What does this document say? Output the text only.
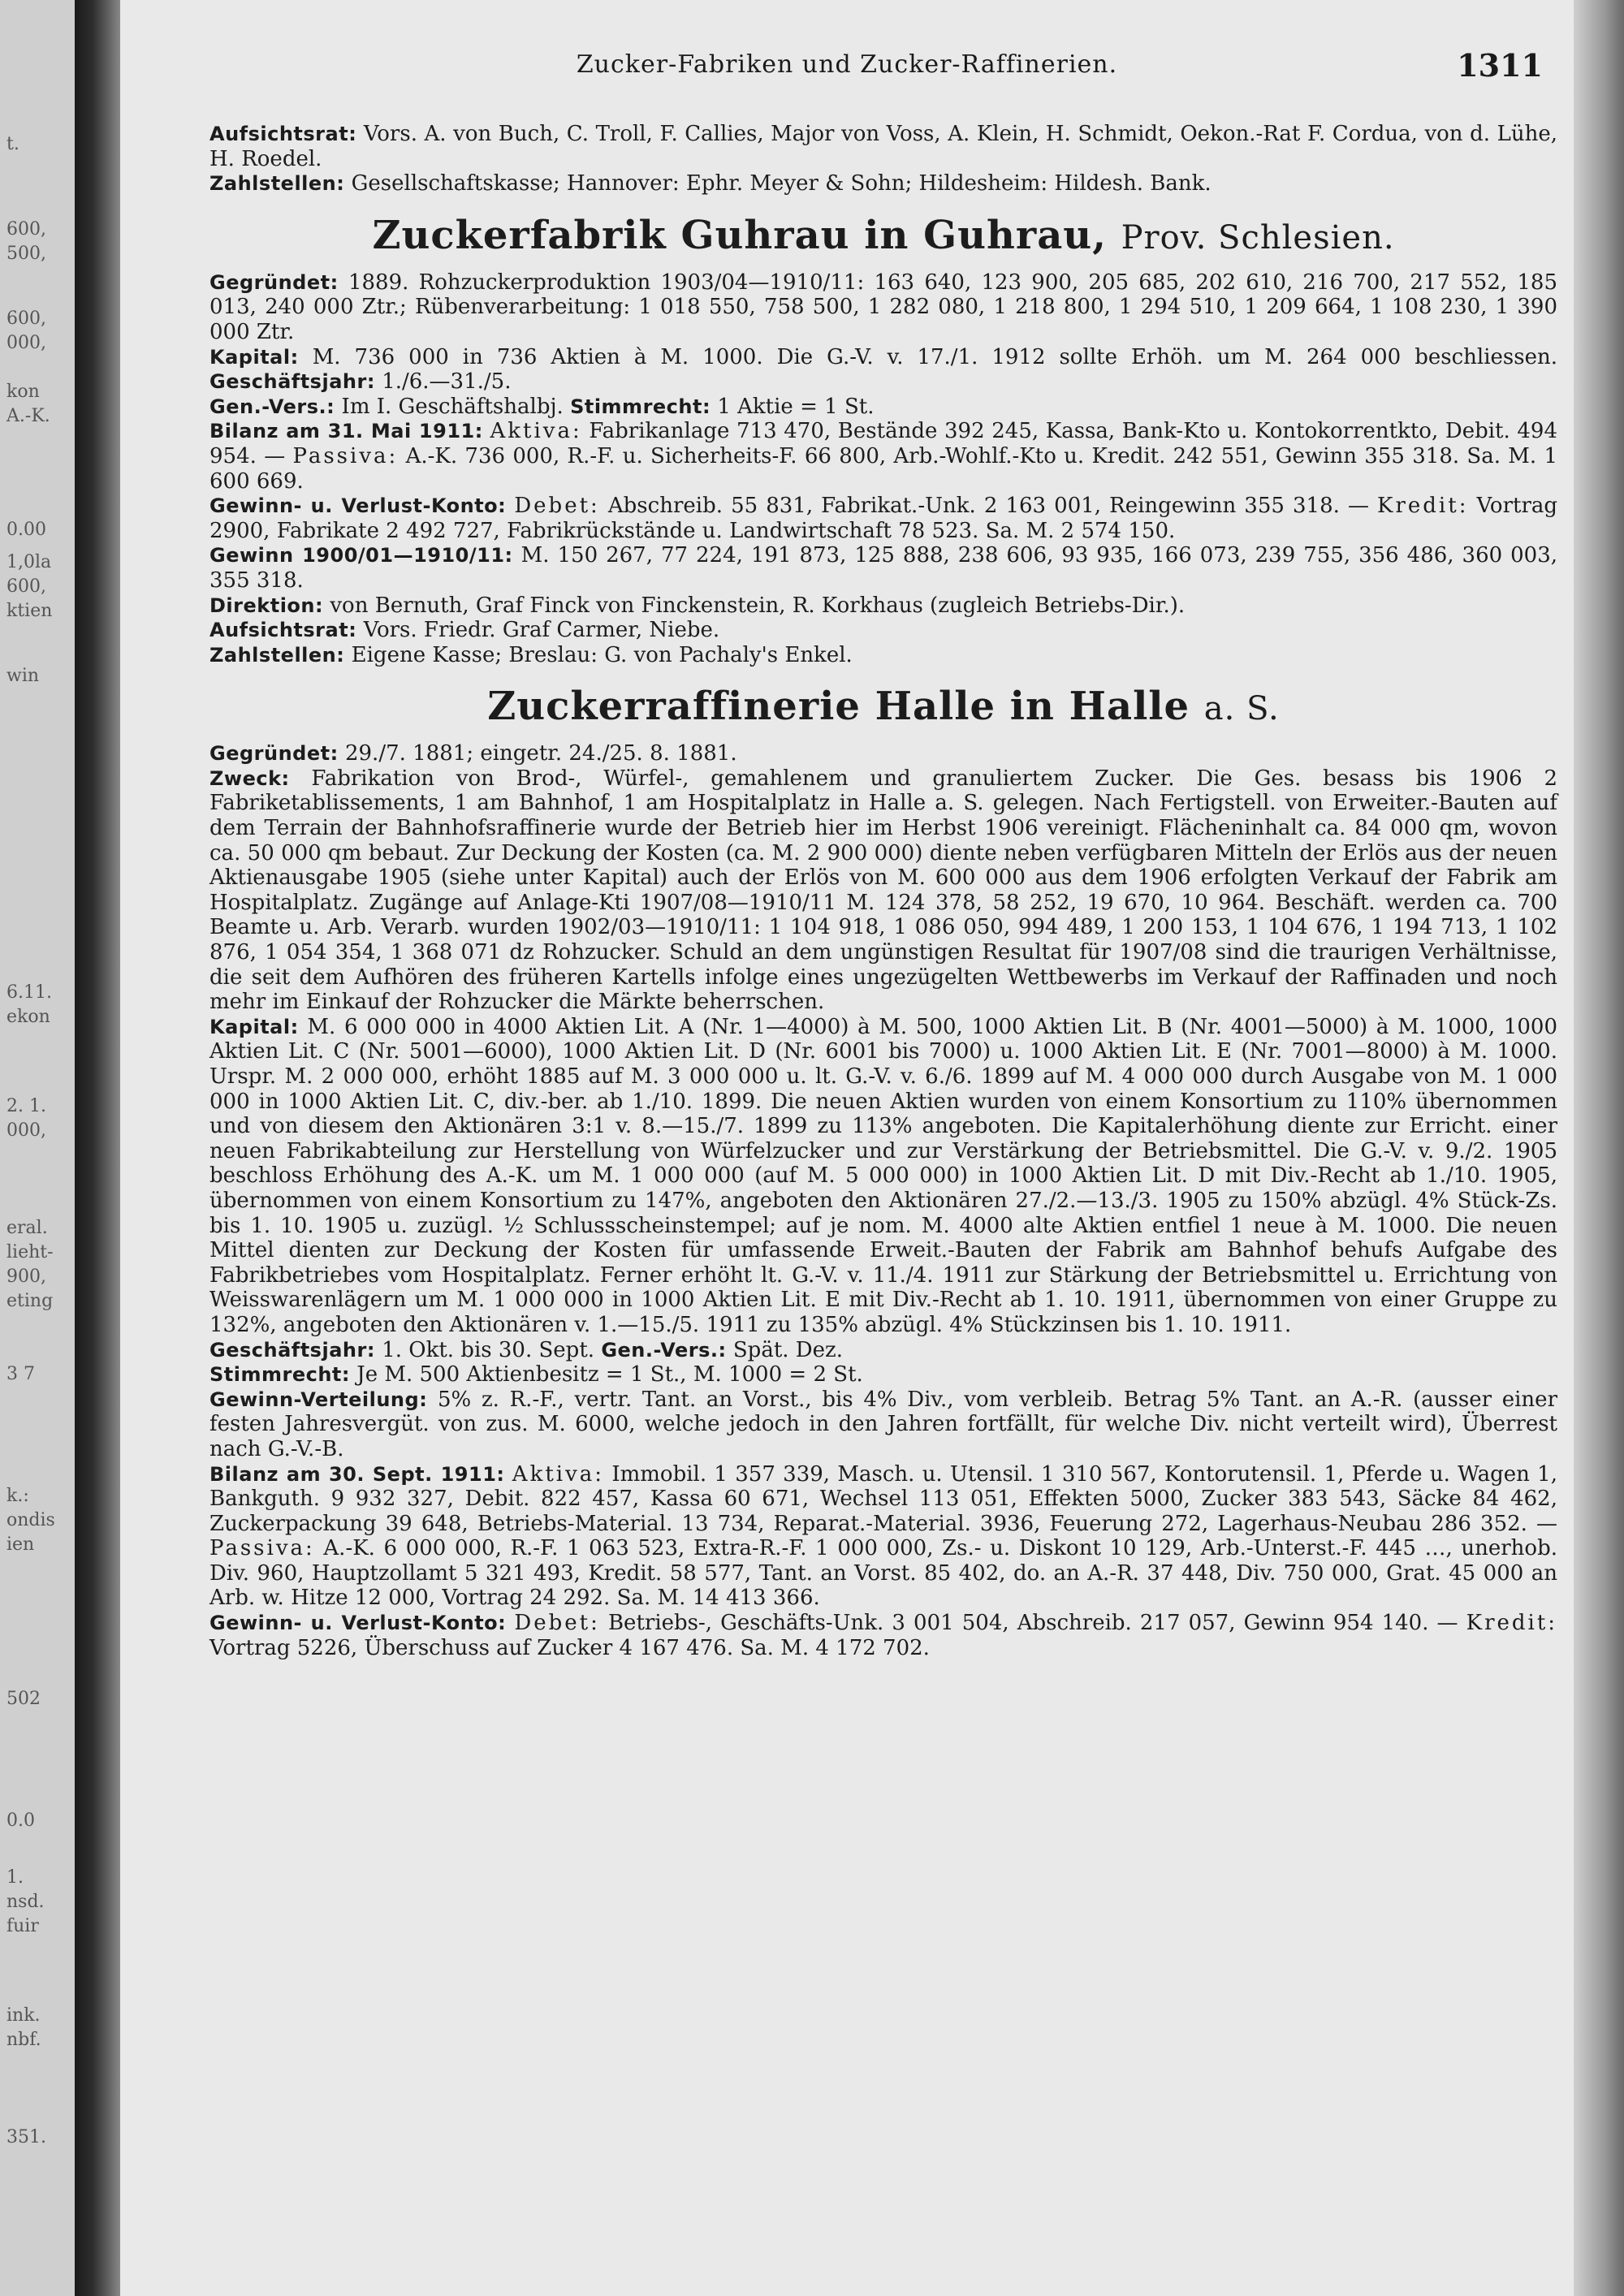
t.
600,
500,
600,
000,
kon
A.-K.
0.00
1,0la
600,
ktien
win
6.11.
ekon
2. 1.
000,
eral.
lieht-
900,
eting
3 7
k.:
ondis
ien
502
0.0
1.
nsd.
fuir
ink.
nbf.
351.
Zucker-Fabriken und Zucker-Raffinerien.	1311

Aufsichtsrat: Vors. A. von Buch, C. Troll, F. Callies, Major von Voss, A. Klein, H. Schmidt, Oekon.-Rat F. Cordua, von d. Lühe, H. Roedel.

Zahlstellen: Gesellschaftskasse; Hannover: Ephr. Meyer & Sohn; Hildesheim: Hildesh. Bank.

Zuckerfabrik Guhrau in Guhrau, Prov. Schlesien.

Gegründet: 1889. Rohzuckerproduktion 1903/04—1910/11: 163 640, 123 900, 205 685, 202 610, 216 700, 217 552, 185 013, 240 000 Ztr.; Rübenverarbeitung: 1 018 550, 758 500, 1 282 080, 1 218 800, 1 294 510, 1 209 664, 1 108 230, 1 390 000 Ztr.

Kapital: M. 736 000 in 736 Aktien à M. 1000. Die G.-V. v. 17./1. 1912 sollte Erhöh. um M. 264 000 beschliessen. Geschäftsjahr: 1./6.—31./5.

Gen.-Vers.: Im I. Geschäftshalbj. Stimmrecht: 1 Aktie = 1 St.

Bilanz am 31. Mai 1911: Aktiva: Fabrikanlage 713 470, Bestände 392 245, Kassa, Bank-Kto u. Kontokorrentkto, Debit. 494 954. — Passiva: A.-K. 736 000, R.-F. u. Sicherheits-F. 66 800, Arb.-Wohlf.-Kto u. Kredit. 242 551, Gewinn 355 318. Sa. M. 1 600 669.

Gewinn- u. Verlust-Konto: Debet: Abschreib. 55 831, Fabrikat.-Unk. 2 163 001, Reingewinn 355 318. — Kredit: Vortrag 2900, Fabrikate 2 492 727, Fabrikrückstände u. Landwirtschaft 78 523. Sa. M. 2 574 150.

Gewinn 1900/01—1910/11: M. 150 267, 77 224, 191 873, 125 888, 238 606, 93 935, 166 073, 239 755, 356 486, 360 003, 355 318.

Direktion: von Bernuth, Graf Finck von Finckenstein, R. Korkhaus (zugleich Betriebs-Dir.).

Aufsichtsrat: Vors. Friedr. Graf Carmer, Niebe.

Zahlstellen: Eigene Kasse; Breslau: G. von Pachaly's Enkel.

Zuckerraffinerie Halle in Halle a. S.

Gegründet: 29./7. 1881; eingetr. 24./25. 8. 1881.

Zweck: Fabrikation von Brod-, Würfel-, gemahlenem und granuliertem Zucker. Die Ges. besass bis 1906 2 Fabriketablissements, 1 am Bahnhof, 1 am Hospitalplatz in Halle a. S. gelegen. Nach Fertigstell. von Erweiter.-Bauten auf dem Terrain der Bahnhofsraffinerie wurde der Betrieb hier im Herbst 1906 vereinigt. Flächeninhalt ca. 84 000 qm, wovon ca. 50 000 qm bebaut. Zur Deckung der Kosten (ca. M. 2 900 000) diente neben verfügbaren Mitteln der Erlös aus der neuen Aktienausgabe 1905 (siehe unter Kapital) auch der Erlös von M. 600 000 aus dem 1906 erfolgten Verkauf der Fabrik am Hospitalplatz. Zugänge auf Anlage-Kti 1907/08—1910/11 M. 124 378, 58 252, 19 670, 10 964. Beschäft. werden ca. 700 Beamte u. Arb. Verarb. wurden 1902/03—1910/11: 1 104 918, 1 086 050, 994 489, 1 200 153, 1 104 676, 1 194 713, 1 102 876, 1 054 354, 1 368 071 dz Rohzucker. Schuld an dem ungünstigen Resultat für 1907/08 sind die traurigen Verhältnisse, die seit dem Aufhören des früheren Kartells infolge eines ungezügelten Wettbewerbs im Verkauf der Raffinaden und noch mehr im Einkauf der Rohzucker die Märkte beherrschen.

Kapital: M. 6 000 000 in 4000 Aktien Lit. A (Nr. 1—4000) à M. 500, 1000 Aktien Lit. B (Nr. 4001—5000) à M. 1000, 1000 Aktien Lit. C (Nr. 5001—6000), 1000 Aktien Lit. D (Nr. 6001 bis 7000) u. 1000 Aktien Lit. E (Nr. 7001—8000) à M. 1000. Urspr. M. 2 000 000, erhöht 1885 auf M. 3 000 000 u. lt. G.-V. v. 6./6. 1899 auf M. 4 000 000 durch Ausgabe von M. 1 000 000 in 1000 Aktien Lit. C, div.-ber. ab 1./10. 1899. Die neuen Aktien wurden von einem Konsortium zu 110% übernommen und von diesem den Aktionären 3:1 v. 8.—15./7. 1899 zu 113% angeboten. Die Kapitalerhöhung diente zur Erricht. einer neuen Fabrikabteilung zur Herstellung von Würfelzucker und zur Verstärkung der Betriebsmittel. Die G.-V. v. 9./2. 1905 beschloss Erhöhung des A.-K. um M. 1 000 000 (auf M. 5 000 000) in 1000 Aktien Lit. D mit Div.-Recht ab 1./10. 1905, übernommen von einem Konsortium zu 147%, angeboten den Aktionären 27./2.—13./3. 1905 zu 150% abzügl. 4% Stück-Zs. bis 1. 10. 1905 u. zuzügl. ½ Schlussscheinstempel; auf je nom. M. 4000 alte Aktien entfiel 1 neue à M. 1000. Die neuen Mittel dienten zur Deckung der Kosten für umfassende Erweit.-Bauten der Fabrik am Bahnhof behufs Aufgabe des Fabrikbetriebes vom Hospitalplatz. Ferner erhöht lt. G.-V. v. 11./4. 1911 zur Stärkung der Betriebsmittel u. Errichtung von Weisswarenlägern um M. 1 000 000 in 1000 Aktien Lit. E mit Div.-Recht ab 1. 10. 1911, übernommen von einer Gruppe zu 132%, angeboten den Aktionären v. 1.—15./5. 1911 zu 135% abzügl. 4% Stückzinsen bis 1. 10. 1911.

Geschäftsjahr: 1. Okt. bis 30. Sept. Gen.-Vers.: Spät. Dez.

Stimmrecht: Je M. 500 Aktienbesitz = 1 St., M. 1000 = 2 St.

Gewinn-Verteilung: 5% z. R.-F., vertr. Tant. an Vorst., bis 4% Div., vom verbleib. Betrag 5% Tant. an A.-R. (ausser einer festen Jahresvergüt. von zus. M. 6000, welche jedoch in den Jahren fortfällt, für welche Div. nicht verteilt wird), Überrest nach G.-V.-B.

Bilanz am 30. Sept. 1911: Aktiva: Immobil. 1 357 339, Masch. u. Utensil. 1 310 567, Kontorutensil. 1, Pferde u. Wagen 1, Bankguth. 9 932 327, Debit. 822 457, Kassa 60 671, Wechsel 113 051, Effekten 5000, Zucker 383 543, Säcke 84 462, Zuckerpackung 39 648, Betriebs-Material. 13 734, Reparat.-Material. 3936, Feuerung 272, Lagerhaus-Neubau 286 352. — Passiva: A.-K. 6 000 000, R.-F. 1 063 523, Extra-R.-F. 1 000 000, Zs.- u. Diskont 10 129, Arb.-Unterst.-F. 445 …, unerhob. Div. 960, Hauptzollamt 5 321 493, Kredit. 58 577, Tant. an Vorst. 85 402, do. an A.-R. 37 448, Div. 750 000, Grat. 45 000 an Arb. w. Hitze 12 000, Vortrag 24 292. Sa. M. 14 413 366.

Gewinn- u. Verlust-Konto: Debet: Betriebs-, Geschäfts-Unk. 3 001 504, Abschreib. 217 057, Gewinn 954 140. — Kredit: Vortrag 5226, Überschuss auf Zucker 4 167 476. Sa. M. 4 172 702.
